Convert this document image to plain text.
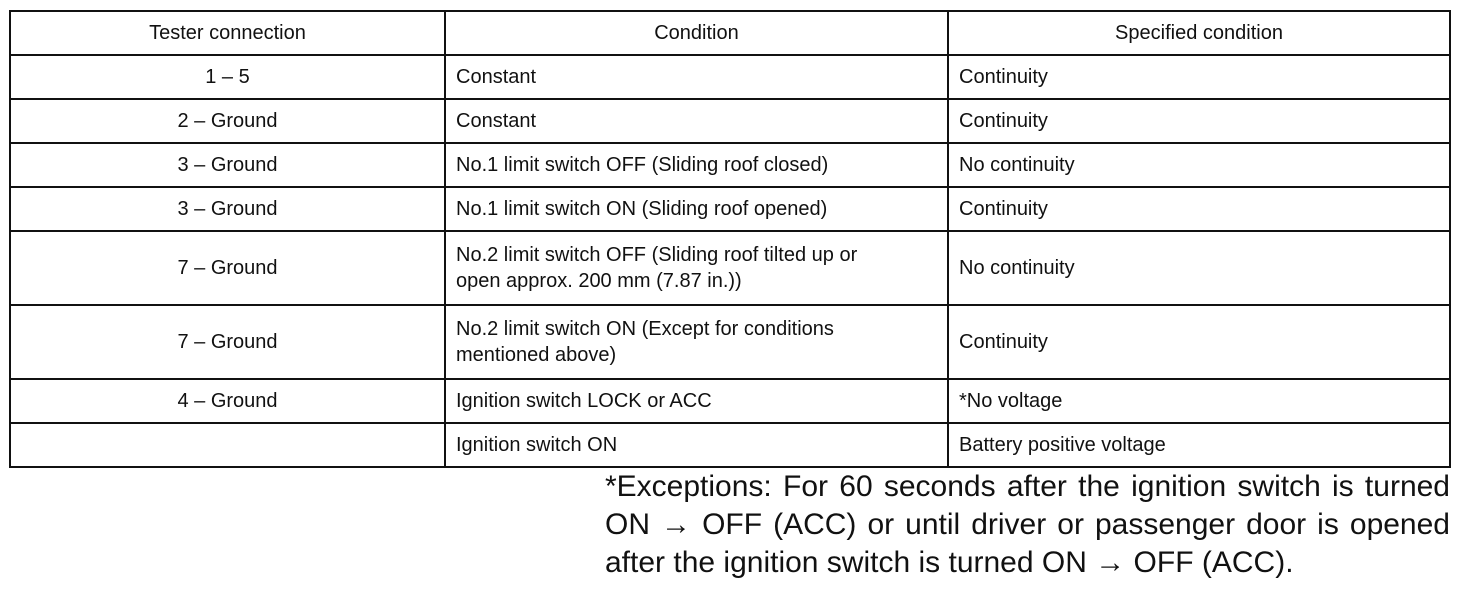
Tester connection	Condition	Specified condition
1 – 5	Constant	Continuity
2 – Ground	Constant	Continuity
3 – Ground	No.1 limit switch OFF (Sliding roof closed)	No continuity
3 – Ground	No.1 limit switch ON (Sliding roof opened)	Continuity
7 – Ground	No.2 limit switch OFF (Sliding roof tilted up or
open approx. 200 mm (7.87 in.))	No continuity
7 – Ground	No.2 limit switch ON (Except for conditions
mentioned above)	Continuity
4 – Ground	Ignition switch LOCK or ACC	*No voltage
	Ignition switch ON	Battery positive voltage
*Exceptions: For 60 seconds after the ignition switch is turned
ON → OFF (ACC) or until driver or passenger door is opened
after the ignition switch is turned ON → OFF (ACC).
